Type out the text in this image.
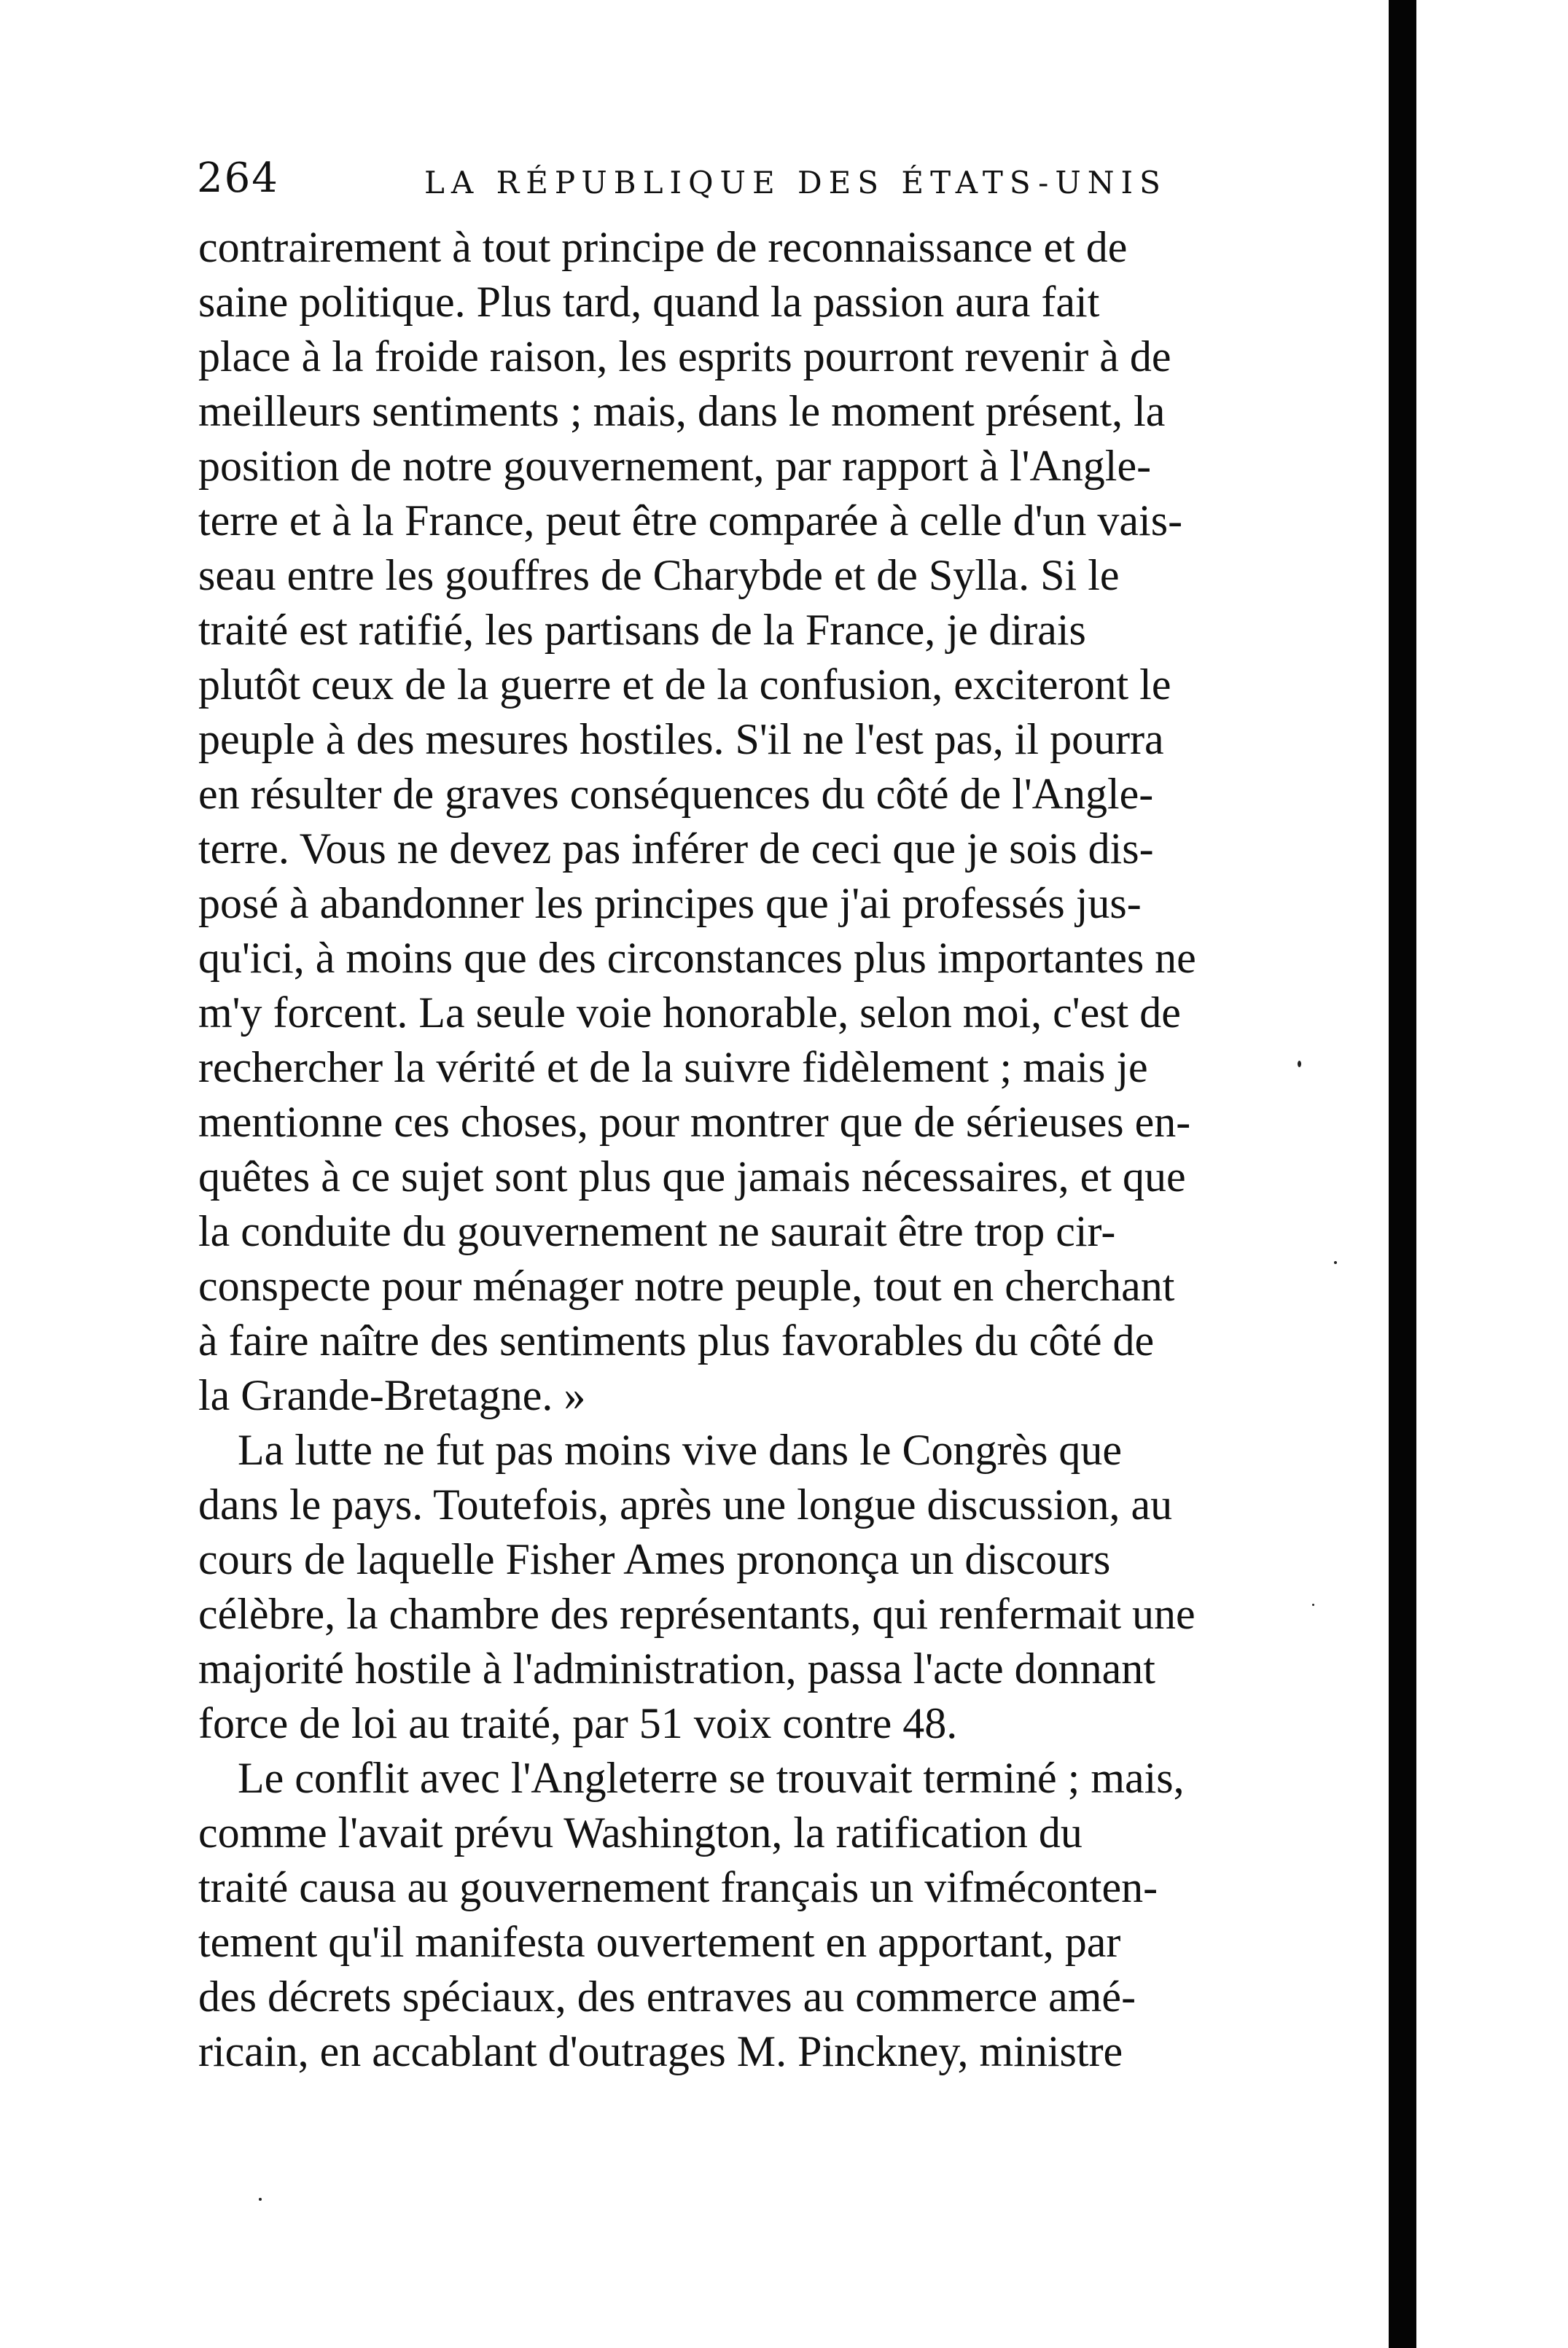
264	LA RÉPUBLIQUE DES ÉTATS-UNIS

contrairement à tout principe de reconnaissance et de
saine politique. Plus tard, quand la passion aura fait
place à la froide raison, les esprits pourront revenir à de
meilleurs sentiments ; mais, dans le moment présent, la
position de notre gouvernement, par rapport à l'Angle-
terre et à la France, peut être comparée à celle d'un vais-
seau entre les gouffres de Charybde et de Sylla. Si le
traité est ratifié, les partisans de la France, je dirais
plutôt ceux de la guerre et de la confusion, exciteront le
peuple à des mesures hostiles. S'il ne l'est pas, il pourra
en résulter de graves conséquences du côté de l'Angle-
terre. Vous ne devez pas inférer de ceci que je sois dis-
posé à abandonner les principes que j'ai professés jus-
qu'ici, à moins que des circonstances plus importantes ne
m'y forcent. La seule voie honorable, selon moi, c'est de
rechercher la vérité et de la suivre fidèlement ; mais je
mentionne ces choses, pour montrer que de sérieuses en-
quêtes à ce sujet sont plus que jamais nécessaires, et que
la conduite du gouvernement ne saurait être trop cir-
conspecte pour ménager notre peuple, tout en cherchant
à faire naître des sentiments plus favorables du côté de
la Grande-Bretagne. »

La lutte ne fut pas moins vive dans le Congrès que
dans le pays. Toutefois, après une longue discussion, au
cours de laquelle Fisher Ames prononça un discours
célèbre, la chambre des représentants, qui renfermait une
majorité hostile à l'administration, passa l'acte donnant
force de loi au traité, par 51 voix contre 48.

Le conflit avec l'Angleterre se trouvait terminé ; mais,
comme l'avait prévu Washington, la ratification du
traité causa au gouvernement français un vifméconten-
tement qu'il manifesta ouvertement en apportant, par
des décrets spéciaux, des entraves au commerce amé-
ricain, en accablant d'outrages M. Pinckney, ministre
